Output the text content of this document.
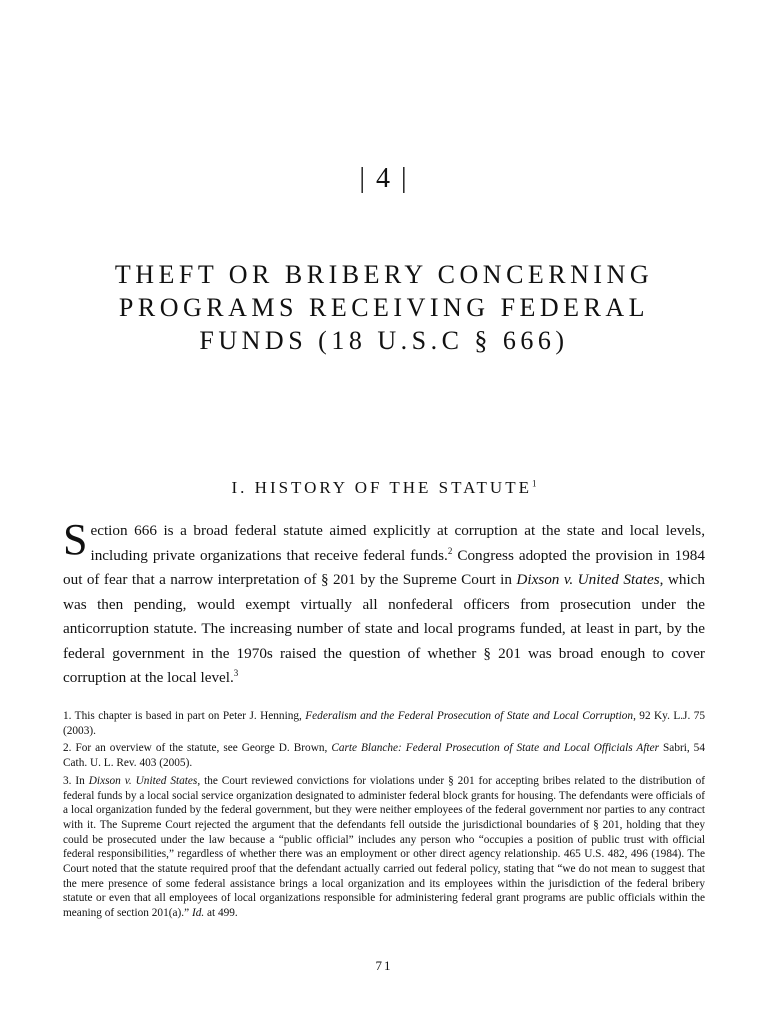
| 4 |
THEFT OR BRIBERY CONCERNING
PROGRAMS RECEIVING FEDERAL
FUNDS (18 U.S.C § 666)
I. HISTORY OF THE STATUTE$^1$

Section 666 is a broad federal statute aimed explicitly at corruption at the state and local levels, including private organizations that receive federal funds.$^2$ Congress adopted the provision in 1984 out of fear that a narrow interpretation of § 201 by the Supreme Court in Dixson v. United States, which was then pending, would exempt virtually all nonfederal officers from prosecution under the anticorruption statute. The increasing number of state and local programs funded, at least in part, by the federal government in the 1970s raised the question of whether § 201 was broad enough to cover corruption at the local level.$^3$

1. This chapter is based in part on Peter J. Henning, Federalism and the Federal Prosecution of State and Local Corruption, 92 Ky. L.J. 75 (2003).

2. For an overview of the statute, see George D. Brown, Carte Blanche: Federal Prosecution of State and Local Officials After Sabri, 54 Cath. U. L. Rev. 403 (2005).

3. In Dixson v. United States, the Court reviewed convictions for violations under § 201 for accepting bribes related to the distribution of federal funds by a local social service organization designated to administer federal block grants for housing. The defendants were officials of a local organization funded by the federal government, but they were neither employees of the federal government nor parties to any contract with it. The Supreme Court rejected the argument that the defendants fell outside the jurisdictional boundaries of § 201, holding that they could be prosecuted under the law because a “public official” includes any person who “occupies a position of public trust with official federal responsibilities,” regardless of whether there was an employment or other direct agency relationship. 465 U.S. 482, 496 (1984). The Court noted that the statute required proof that the defendant actually carried out federal policy, stating that “we do not mean to suggest that the mere presence of some federal assistance brings a local organization and its employees within the jurisdiction of the federal bribery statute or even that all employees of local organizations responsible for administering federal grant programs are public officials within the meaning of section 201(a).” Id. at 499.

71
